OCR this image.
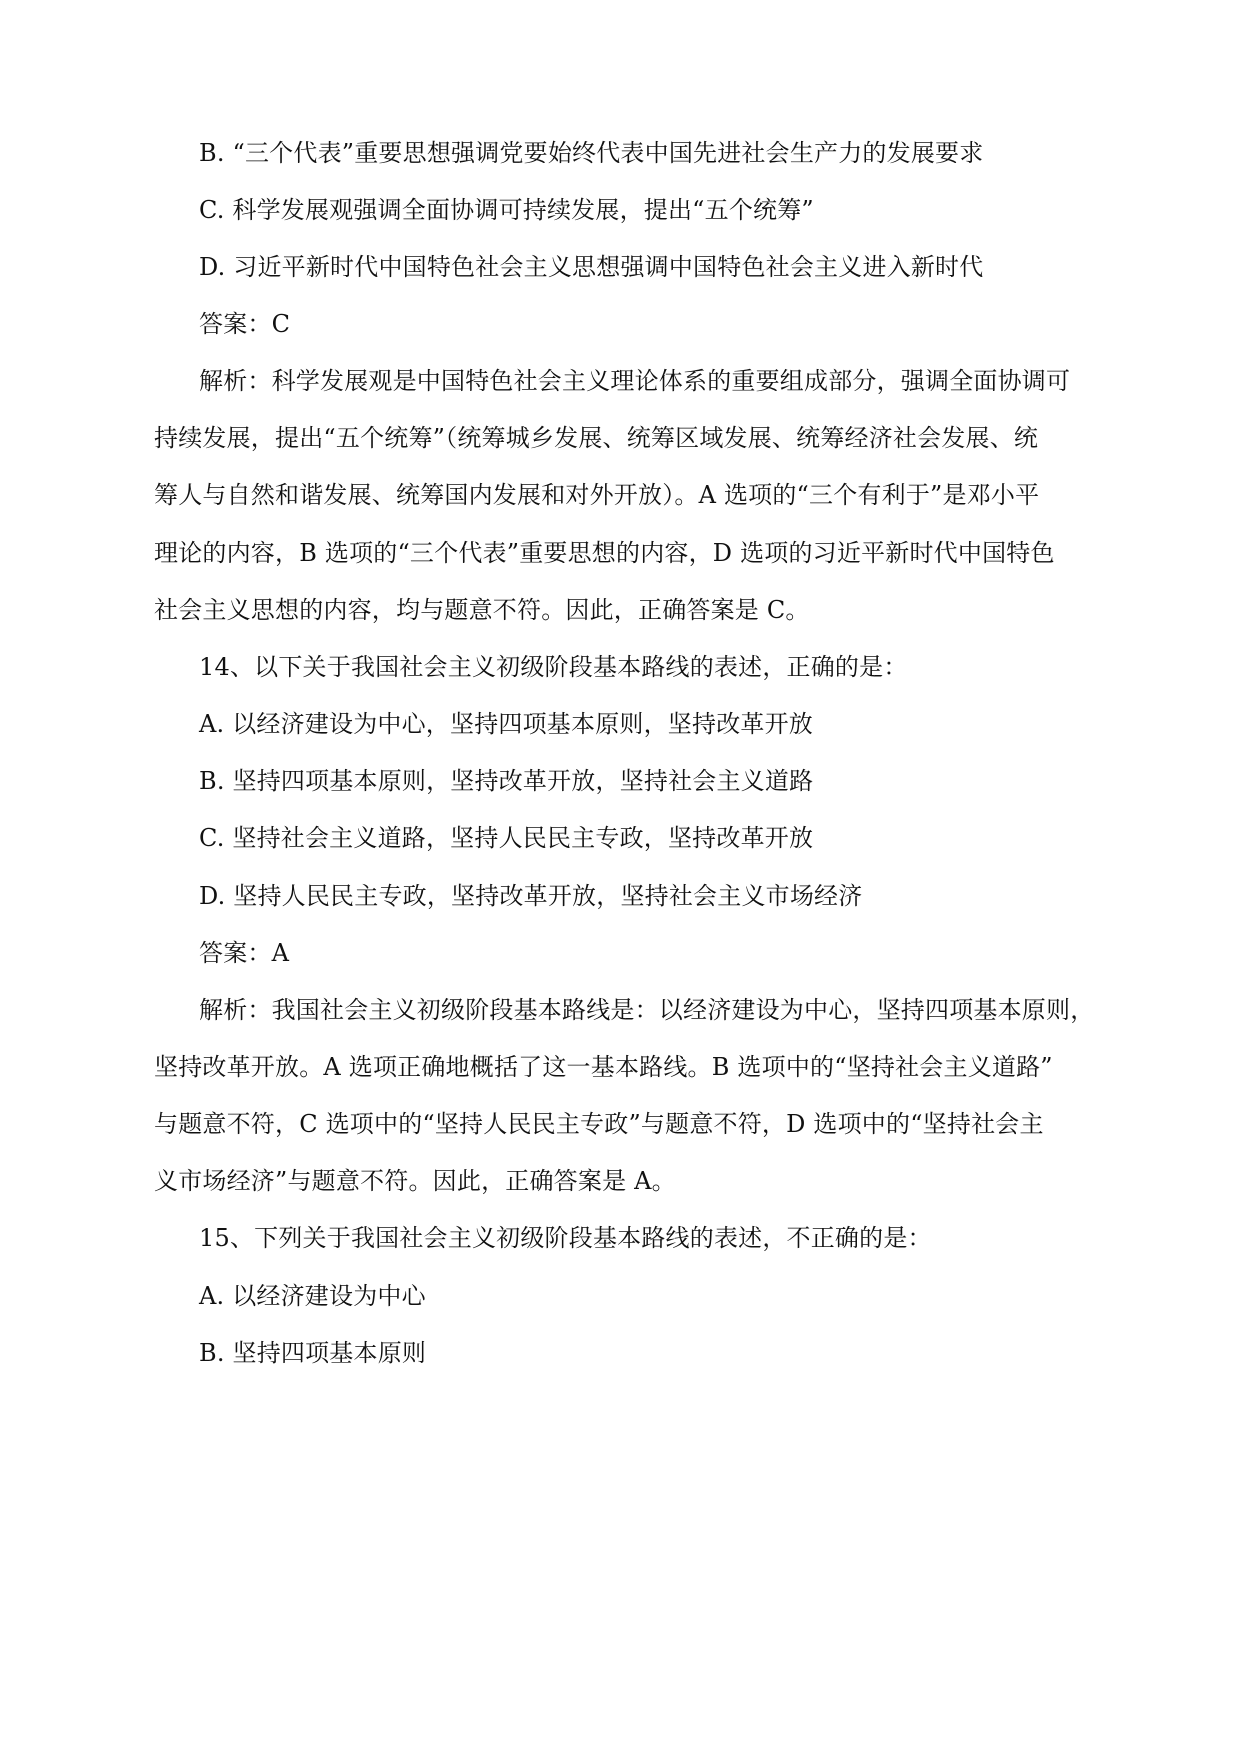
B. “三个代表”重要思想强调党要始终代表中国先进社会生产力的发展要求
C. 科学发展观强调全面协调可持续发展，提出“五个统筹”
D. 习近平新时代中国特色社会主义思想强调中国特色社会主义进入新时代
答案：C
解析：科学发展观是中国特色社会主义理论体系的重要组成部分，强调全面协调可
持续发展，提出“五个统筹”（统筹城乡发展、统筹区域发展、统筹经济社会发展、统
筹人与自然和谐发展、统筹国内发展和对外开放）。A 选项的“三个有利于”是邓小平
理论的内容，B 选项的“三个代表”重要思想的内容，D 选项的习近平新时代中国特色
社会主义思想的内容，均与题意不符。因此，正确答案是 C。
14、以下关于我国社会主义初级阶段基本路线的表述，正确的是：
A. 以经济建设为中心，坚持四项基本原则，坚持改革开放
B. 坚持四项基本原则，坚持改革开放，坚持社会主义道路
C. 坚持社会主义道路，坚持人民民主专政，坚持改革开放
D. 坚持人民民主专政，坚持改革开放，坚持社会主义市场经济
答案：A
解析：我国社会主义初级阶段基本路线是：以经济建设为中心，坚持四项基本原则，
坚持改革开放。A 选项正确地概括了这一基本路线。B 选项中的“坚持社会主义道路”
与题意不符，C 选项中的“坚持人民民主专政”与题意不符，D 选项中的“坚持社会主
义市场经济”与题意不符。因此，正确答案是 A。
15、下列关于我国社会主义初级阶段基本路线的表述，不正确的是：
A. 以经济建设为中心
B. 坚持四项基本原则
